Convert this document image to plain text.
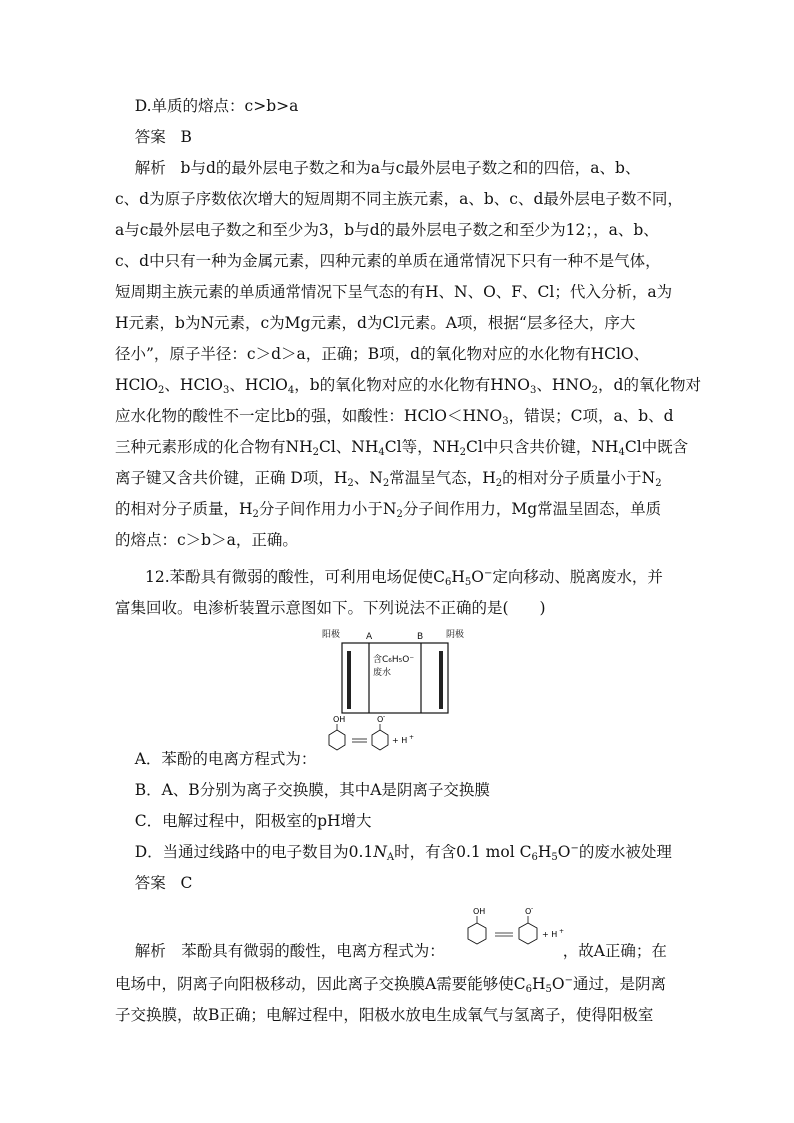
D.单质的熔点：c>b>a
答案 B
解析 b与d的最外层电子数之和为a与c最外层电子数之和的四倍，a、b、
c、d为原子序数依次增大的短周期不同主族元素，a、b、c、d最外层电子数不同，
a与c最外层电子数之和至少为3，b与d的最外层电子数之和至少为12；，a、b、
c、d中只有一种为金属元素，四种元素的单质在通常情况下只有一种不是气体，
短周期主族元素的单质通常情况下呈气态的有H、N、O、F、Cl；代入分析，a为
H元素，b为N元素，c为Mg元素，d为Cl元素。A项，根据“层多径大，序大
径小”，原子半径：c＞d＞a，正确；B项，d的氧化物对应的水化物有HClO、
HClO$_2$、HClO$_3$、HClO$_4$，b的氧化物对应的水化物有$HNO_3$、$HNO_2$，d的氧化物对
应水化物的酸性不一定比b的强，如酸性：$HClO<HNO_3$，错误；C项，a、b、d
三种元素形成的化合物有$NH_2Cl$、$NH_4Cl$等，$NH_2Cl$中只含共价键，$NH_4Cl$中既含
离子键又含共价键，正确 D项，$H_2$、$N_2$常温呈气态，$H_2$的相对分子质量小于$N_2$
的相对分子质量，$H_2$分子间作用力小于$N_2$分子间作用力，Mg常温呈固态，单质
的熔点：c＞b＞a，正确。
12.苯酚具有微弱的酸性，可利用电场促使$C_6H_5O^-$定向移动、脱离废水，并
富集回收。电渗析装置示意图如下。下列说法不正确的是(　　)
阳极	A	B	阴极
含C₆H₅O⁻
废水
A．苯酚的电离方程式为：
OH	O -
+ H +
B．A、B分别为离子交换膜，其中A是阴离子交换膜
C．电解过程中，阳极室的pH增大
D．当通过线路中的电子数目为$0.1N_A$时，有含0.1 mol $C_6H_5O^-$的废水被处理
答案 C
解析　苯酚具有微弱的酸性，电离方程式为：	，故A正确；在
OH	O -
+ H +
电场中，阴离子向阳极移动，因此离子交换膜A需要能够使$C_6H_5O^-$通过，是阴离
子交换膜，故B正确；电解过程中，阳极水放电生成氧气与氢离子，使得阳极室
